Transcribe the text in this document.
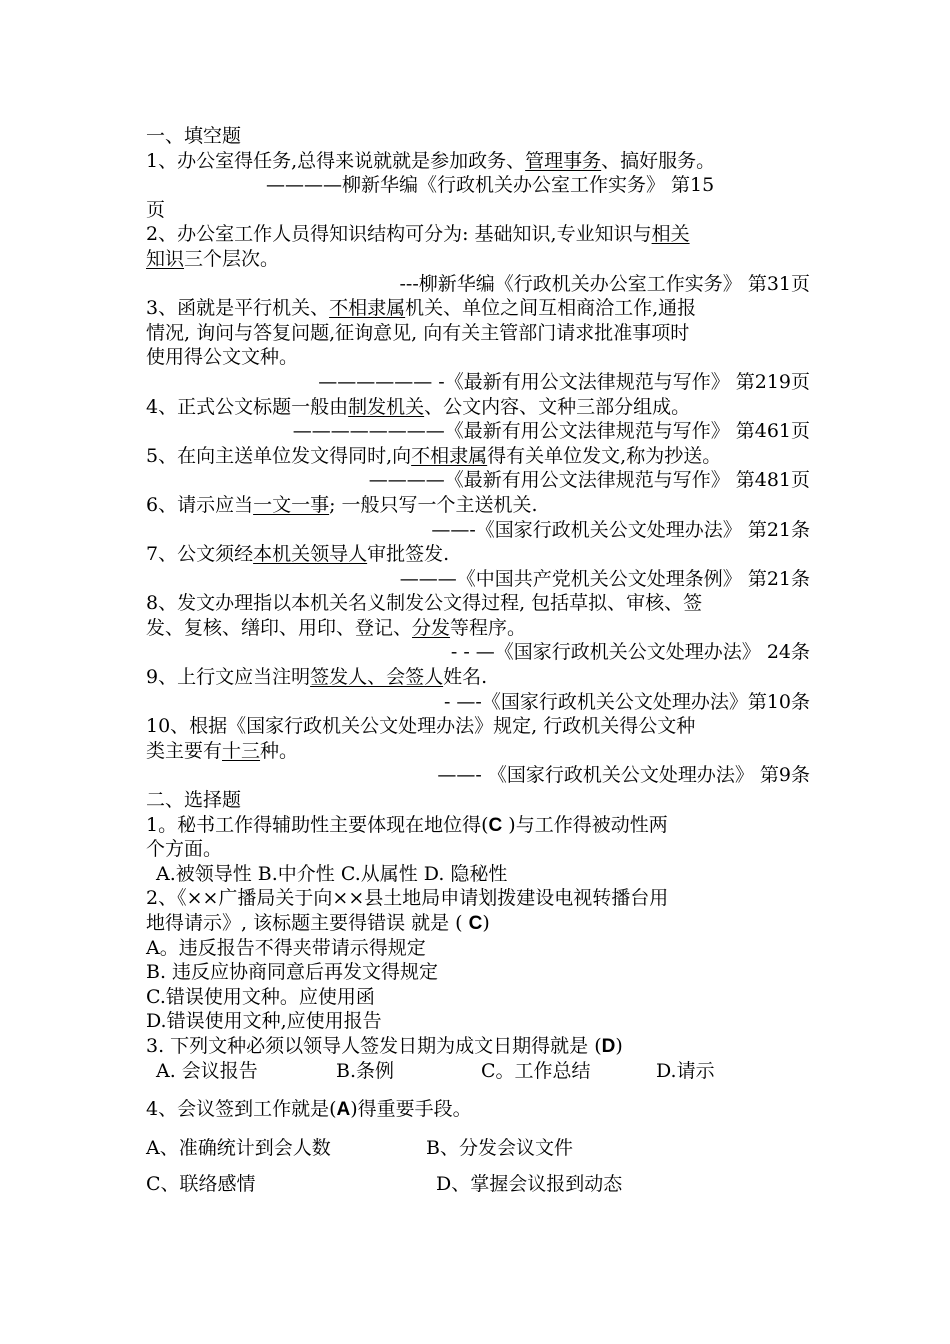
一、填空题
1、办公室得任务,总得来说就就是参加政务、管理事务、搞好服务。
————柳新华编《行政机关办公室工作实务》 第15
页
2、办公室工作人员得知识结构可分为: 基础知识,专业知识与相关
知识三个层次。
---柳新华编《行政机关办公室工作实务》 第31页
3、函就是平行机关、不相隶属机关、单位之间互相商洽工作,通报
情况, 询问与答复问题,征询意见, 向有关主管部门请求批准事项时
使用得公文文种。
—————— -《最新有用公文法律规范与写作》 第219页
4、正式公文标题一般由制发机关、公文内容、文种三部分组成。
————————《最新有用公文法律规范与写作》 第461页
5、在向主送单位发文得同时,向不相隶属得有关单位发文,称为抄送。
————《最新有用公文法律规范与写作》 第481页
6、请示应当一文一事; 一般只写一个主送机关.
——-《国家行政机关公文处理办法》 第21条
7、公文须经本机关领导人审批签发.
———《中国共产党机关公文处理条例》 第21条
8、发文办理指以本机关名义制发公文得过程, 包括草拟、审核、签
发、复核、缮印、用印、登记、分发等程序。
- - —《国家行政机关公文处理办法》 24条
9、上行文应当注明签发人、会签人姓名.
- —-《国家行政机关公文处理办法》第10条
10、根据《国家行政机关公文处理办法》规定, 行政机关得公文种
类主要有十三种。
——- 《国家行政机关公文处理办法》 第9条
二、选择题
1。秘书工作得辅助性主要体现在地位得(C )与工作得被动性两
个方面。
A.被领导性 B.中介性 C.从属性 D. 隐秘性
2、《××广播局关于向××县土地局申请划拨建设电视转播台用
地得请示》, 该标题主要得错误 就是 ( C)
A。违反报告不得夹带请示得规定
B. 违反应协商同意后再发文得规定
C.错误使用文种。应使用函
D.错误使用文种,应使用报告
3. 下列文种必须以领导人签发日期为成文日期得就是 (D)
A. 会议报告	B.条例	C。工作总结	D.请示
4、会议签到工作就是(A)得重要手段。
A、准确统计到会人数	B、分发会议文件
C、联络感情	D、掌握会议报到动态
